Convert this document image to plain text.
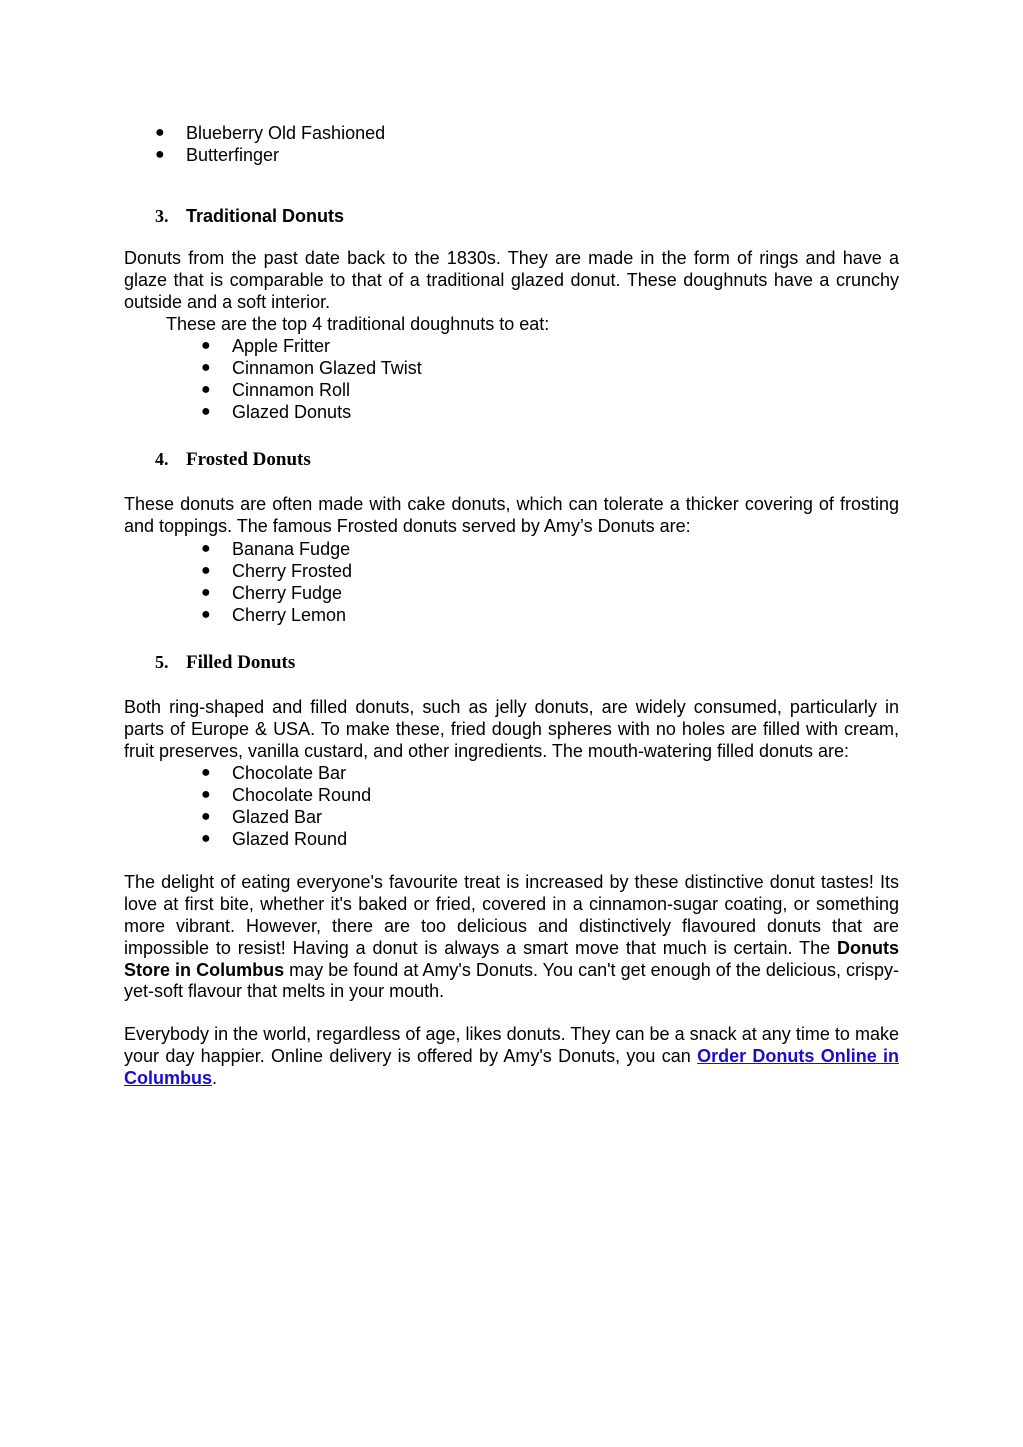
● Blueberry Old Fashioned
● Butterfinger
3. Traditional Donuts

Donuts from the past date back to the 1830s. They are made in the form of rings and have a glaze that is comparable to that of a traditional glazed donut. These doughnuts have a crunchy outside and a soft interior.

These are the top 4 traditional doughnuts to eat:
● Apple Fritter
● Cinnamon Glazed Twist
● Cinnamon Roll
● Glazed Donuts
4. Frosted Donuts

These donuts are often made with cake donuts, which can tolerate a thicker covering of frosting and toppings. The famous Frosted donuts served by Amy’s Donuts are:

● Banana Fudge
● Cherry Frosted
● Cherry Fudge
● Cherry Lemon
5. Filled Donuts

Both ring-shaped and filled donuts, such as jelly donuts, are widely consumed, particularly in parts of Europe & USA. To make these, fried dough spheres with no holes are filled with cream, fruit preserves, vanilla custard, and other ingredients. The mouth-watering filled donuts are:

● Chocolate Bar
● Chocolate Round
● Glazed Bar
● Glazed Round

The delight of eating everyone's favourite treat is increased by these distinctive donut tastes! Its love at first bite, whether it's baked or fried, covered in a cinnamon-sugar coating, or something more vibrant. However, there are too delicious and distinctively flavoured donuts that are impossible to resist! Having a donut is always a smart move that much is certain. The Donuts Store in Columbus may be found at Amy's Donuts. You can't get enough of the delicious, crispy-yet-soft flavour that melts in your mouth.

Everybody in the world, regardless of age, likes donuts. They can be a snack at any time to make your day happier. Online delivery is offered by Amy's Donuts, you can Order Donuts Online in Columbus.
